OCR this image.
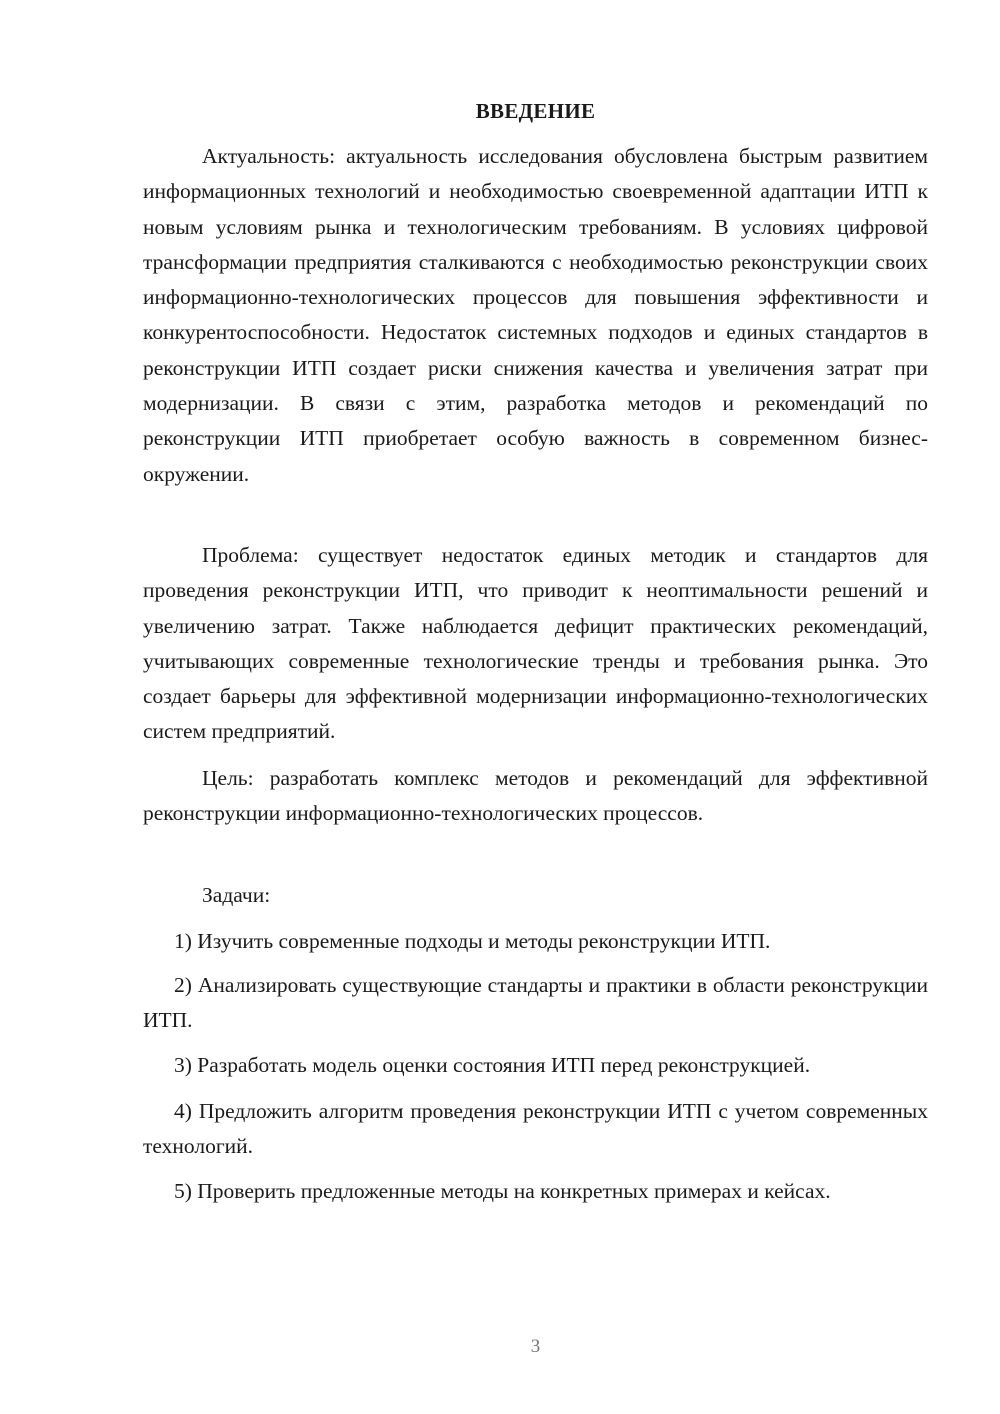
ВВЕДЕНИЕ

Актуальность: актуальность исследования обусловлена быстрым развитием информационных технологий и необходимостью своевременной адаптации ИТП к новым условиям рынка и технологическим требованиям. В условиях цифровой трансформации предприятия сталкиваются с необходимостью реконструкции своих информационно-технологических процессов для повышения эффективности и конкурентоспособности. Недостаток системных подходов и единых стандартов в реконструкции ИТП создает риски снижения качества и увеличения затрат при модернизации. В связи с этим, разработка методов и рекомендаций по реконструкции ИТП приобретает особую важность в современном бизнес-окружении.

Проблема: существует недостаток единых методик и стандартов для проведения реконструкции ИТП, что приводит к неоптимальности решений и увеличению затрат. Также наблюдается дефицит практических рекомендаций, учитывающих современные технологические тренды и требования рынка. Это создает барьеры для эффективной модернизации информационно-технологических систем предприятий.

Цель: разработать комплекс методов и рекомендаций для эффективной реконструкции информационно-технологических процессов.

Задачи:

1) Изучить современные подходы и методы реконструкции ИТП.

2) Анализировать существующие стандарты и практики в области реконструкции ИТП.

3) Разработать модель оценки состояния ИТП перед реконструкцией.

4) Предложить алгоритм проведения реконструкции ИТП с учетом современных технологий.

5) Проверить предложенные методы на конкретных примерах и кейсах.

3
